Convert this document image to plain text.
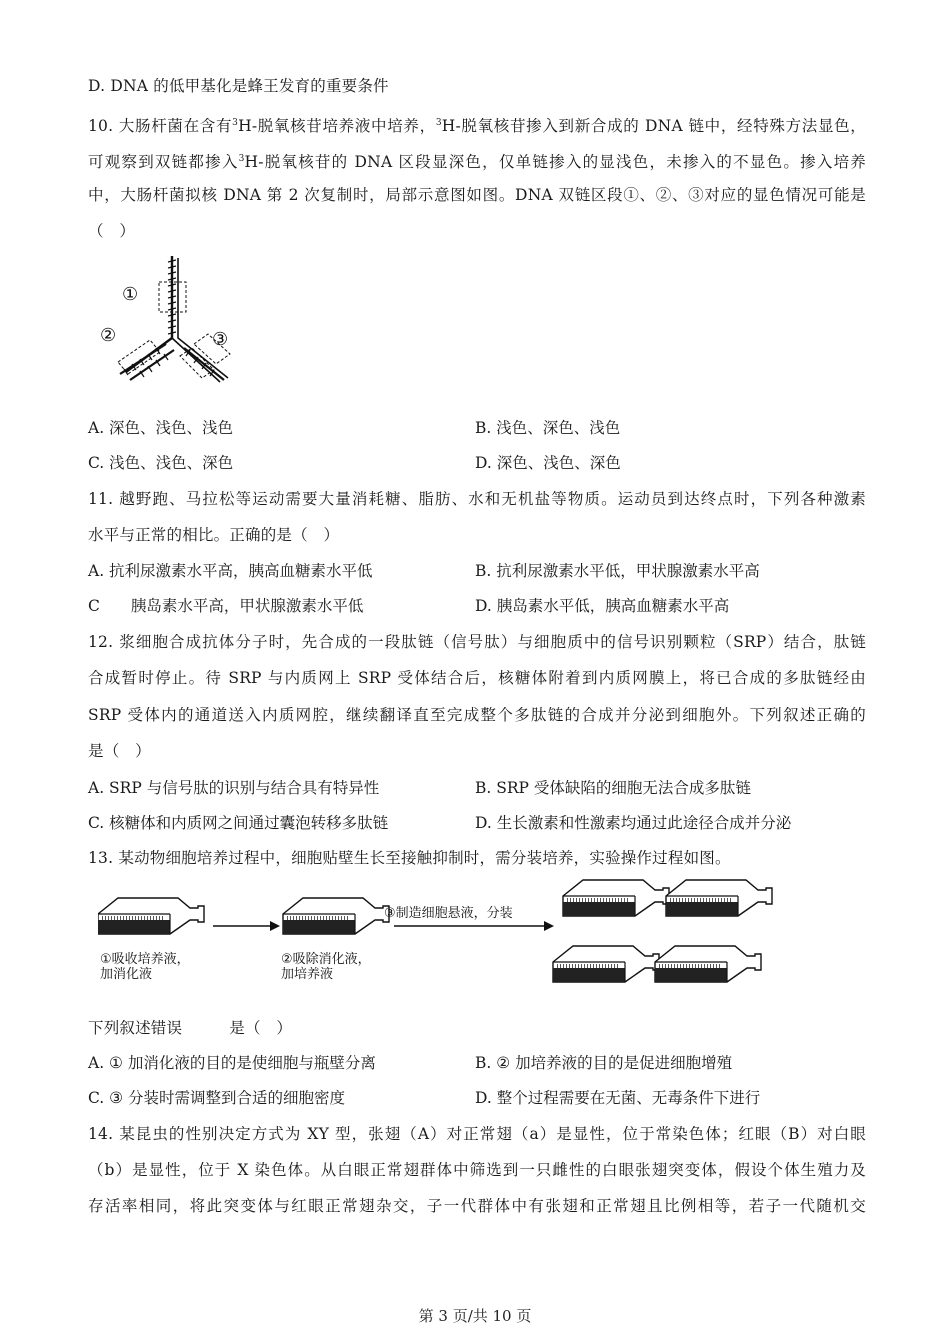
D. DNA 的低甲基化是蜂王发育的重要条件
10. 大肠杆菌在含有$^3$H-脱氧核苷培养液中培养，$^3$H-脱氧核苷掺入到新合成的 DNA 链中，经特殊方法显色，
可观察到双链都掺入$^3$H-脱氧核苷的 DNA 区段显深色，仅单链掺入的显浅色，未掺入的不显色。掺入培养
中，大肠杆菌拟核 DNA 第 2 次复制时，局部示意图如图。DNA 双链区段①、②、③对应的显色情况可能是
（　）
①
②	③
A. 深色、浅色、浅色	B. 浅色、深色、浅色
C. 浅色、浅色、深色	D. 深色、浅色、深色
11. 越野跑、马拉松等运动需要大量消耗糖、脂肪、水和无机盐等物质。运动员到达终点时，下列各种激素
水平与正常的相比。正确的是（　）
A. 抗利尿激素水平高，胰高血糖素水平低	B. 抗利尿激素水平低，甲状腺激素水平高
C　　胰岛素水平高，甲状腺激素水平低	D. 胰岛素水平低，胰高血糖素水平高
12. 浆细胞合成抗体分子时，先合成的一段肽链（信号肽）与细胞质中的信号识别颗粒（SRP）结合，肽链
合成暂时停止。待 SRP 与内质网上 SRP 受体结合后，核糖体附着到内质网膜上，将已合成的多肽链经由
SRP 受体内的通道送入内质网腔，继续翻译直至完成整个多肽链的合成并分泌到细胞外。下列叙述正确的
是（　）
A. SRP 与信号肽的识别与结合具有特异性	B. SRP 受体缺陷的细胞无法合成多肽链
C. 核糖体和内质网之间通过囊泡转移多肽链	D. 生长激素和性激素均通过此途径合成并分泌
13. 某动物细胞培养过程中，细胞贴壁生长至接触抑制时，需分装培养，实验操作过程如图。
①吸收培养液，
加消化液
②吸除消化液，
加培养液
③制造细胞悬液，分装
下列叙述错误　　　是（　）
A. ① 加消化液的目的是使细胞与瓶壁分离	B. ② 加培养液的目的是促进细胞增殖
C. ③ 分装时需调整到合适的细胞密度	D. 整个过程需要在无菌、无毒条件下进行
14. 某昆虫的性别决定方式为 XY 型，张翅（A）对正常翅（a）是显性，位于常染色体；红眼（B）对白眼
（b）是显性，位于 X 染色体。从白眼正常翅群体中筛选到一只雌性的白眼张翅突变体，假设个体生殖力及
存活率相同，将此突变体与红眼正常翅杂交，子一代群体中有张翅和正常翅且比例相等，若子一代随机交
第 3 页/共 10 页
